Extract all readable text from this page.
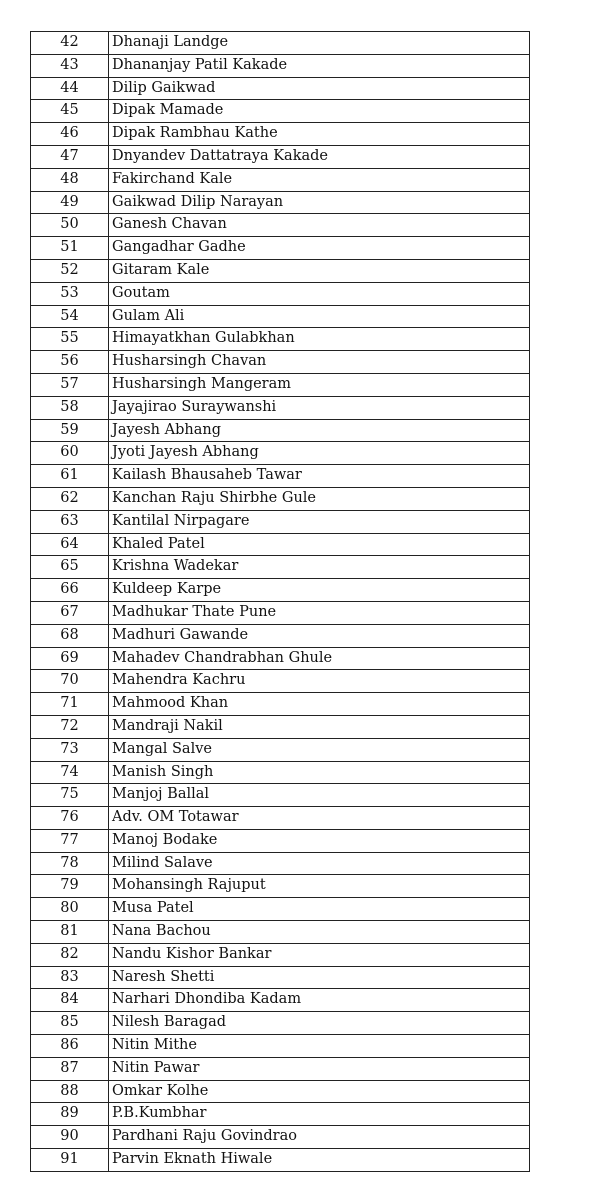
42	Dhanaji Landge
43	Dhananjay Patil Kakade
44	Dilip Gaikwad
45	Dipak Mamade
46	Dipak Rambhau Kathe
47	Dnyandev Dattatraya Kakade
48	Fakirchand Kale
49	Gaikwad Dilip Narayan
50	Ganesh Chavan
51	Gangadhar Gadhe
52	Gitaram Kale
53	Goutam
54	Gulam Ali
55	Himayatkhan Gulabkhan
56	Husharsingh Chavan
57	Husharsingh Mangeram
58	Jayajirao Suraywanshi
59	Jayesh Abhang
60	Jyoti Jayesh Abhang
61	Kailash Bhausaheb Tawar
62	Kanchan Raju Shirbhe Gule
63	Kantilal Nirpagare
64	Khaled Patel
65	Krishna Wadekar
66	Kuldeep Karpe
67	Madhukar Thate Pune
68	Madhuri Gawande
69	Mahadev Chandrabhan Ghule
70	Mahendra Kachru
71	Mahmood Khan
72	Mandraji Nakil
73	Mangal Salve
74	Manish Singh
75	Manjoj Ballal
76	Adv. OM Totawar
77	Manoj Bodake
78	Milind Salave
79	Mohansingh Rajuput
80	Musa Patel
81	Nana Bachou
82	Nandu Kishor Bankar
83	Naresh Shetti
84	Narhari Dhondiba Kadam
85	Nilesh Baragad
86	Nitin Mithe
87	Nitin Pawar
88	Omkar Kolhe
89	P.B.Kumbhar
90	Pardhani Raju Govindrao
91	Parvin Eknath Hiwale
